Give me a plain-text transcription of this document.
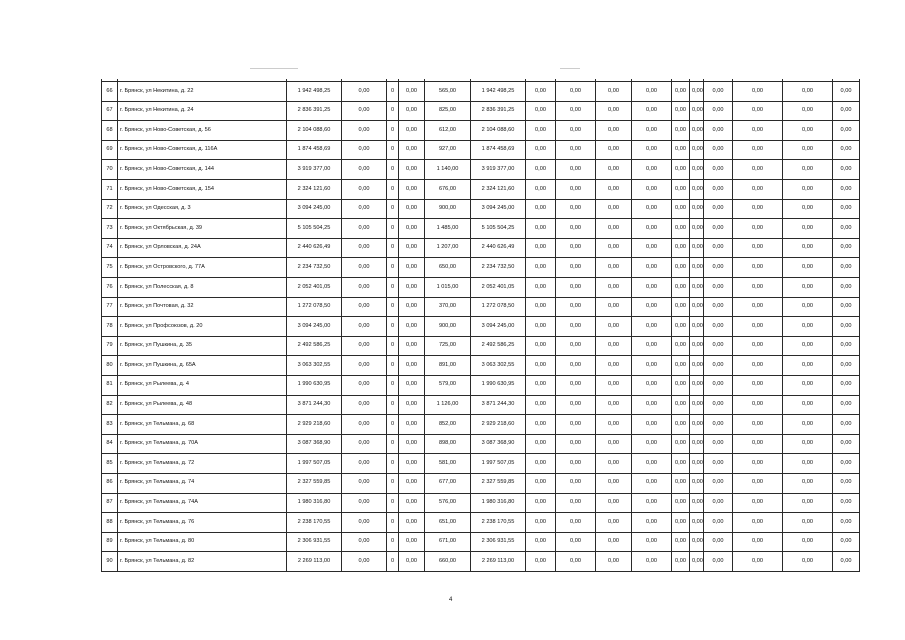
66	г. Брянск, ул Некитина, д. 22	1 942 498,25	0,00	0	0,00	565,00	1 942 498,25	0,00	0,00	0,00	0,00	0,00	0,00	0,00	0,00	0,00	0,00
67	г. Брянск, ул Некитина, д. 24	2 836 391,25	0,00	0	0,00	825,00	2 836 391,25	0,00	0,00	0,00	0,00	0,00	0,00	0,00	0,00	0,00	0,00
68	г. Брянск, ул Ново-Советская, д. 56	2 104 088,60	0,00	0	0,00	612,00	2 104 088,60	0,00	0,00	0,00	0,00	0,00	0,00	0,00	0,00	0,00	0,00
69	г. Брянск, ул Ново-Советская, д. 116А	1 874 458,69	0,00	0	0,00	927,00	1 874 458,69	0,00	0,00	0,00	0,00	0,00	0,00	0,00	0,00	0,00	0,00
70	г. Брянск, ул Ново-Советская, д. 144	3 919 377,00	0,00	0	0,00	1 140,00	3 919 377,00	0,00	0,00	0,00	0,00	0,00	0,00	0,00	0,00	0,00	0,00
71	г. Брянск, ул Ново-Советская, д. 154	2 324 121,60	0,00	0	0,00	676,00	2 324 121,60	0,00	0,00	0,00	0,00	0,00	0,00	0,00	0,00	0,00	0,00
72	г. Брянск, ул Одесская, д. 3	3 094 245,00	0,00	0	0,00	900,00	3 094 245,00	0,00	0,00	0,00	0,00	0,00	0,00	0,00	0,00	0,00	0,00
73	г. Брянск, ул Октябрьская, д. 39	5 105 504,25	0,00	0	0,00	1 485,00	5 105 504,25	0,00	0,00	0,00	0,00	0,00	0,00	0,00	0,00	0,00	0,00
74	г. Брянск, ул Орловская, д. 24А	2 440 626,49	0,00	0	0,00	1 207,00	2 440 626,49	0,00	0,00	0,00	0,00	0,00	0,00	0,00	0,00	0,00	0,00
75	г. Брянск, ул Островского, д. 77А	2 234 732,50	0,00	0	0,00	650,00	2 234 732,50	0,00	0,00	0,00	0,00	0,00	0,00	0,00	0,00	0,00	0,00
76	г. Брянск, ул Полесская, д. 8	2 052 401,05	0,00	0	0,00	1 015,00	2 052 401,05	0,00	0,00	0,00	0,00	0,00	0,00	0,00	0,00	0,00	0,00
77	г. Брянск, ул Почтовая, д. 32	1 272 078,50	0,00	0	0,00	370,00	1 272 078,50	0,00	0,00	0,00	0,00	0,00	0,00	0,00	0,00	0,00	0,00
78	г. Брянск, ул Профсоюзов, д. 20	3 094 245,00	0,00	0	0,00	900,00	3 094 245,00	0,00	0,00	0,00	0,00	0,00	0,00	0,00	0,00	0,00	0,00
79	г. Брянск, ул Пушкина, д. 35	2 492 586,25	0,00	0	0,00	725,00	2 492 586,25	0,00	0,00	0,00	0,00	0,00	0,00	0,00	0,00	0,00	0,00
80	г. Брянск, ул Пушкина, д. 65А	3 063 302,55	0,00	0	0,00	891,00	3 063 302,55	0,00	0,00	0,00	0,00	0,00	0,00	0,00	0,00	0,00	0,00
81	г. Брянск, ул Рылеева, д. 4	1 990 630,95	0,00	0	0,00	579,00	1 990 630,95	0,00	0,00	0,00	0,00	0,00	0,00	0,00	0,00	0,00	0,00
82	г. Брянск, ул Рылеева, д. 48	3 871 244,30	0,00	0	0,00	1 126,00	3 871 244,30	0,00	0,00	0,00	0,00	0,00	0,00	0,00	0,00	0,00	0,00
83	г. Брянск, ул Тельмана, д. 68	2 929 218,60	0,00	0	0,00	852,00	2 929 218,60	0,00	0,00	0,00	0,00	0,00	0,00	0,00	0,00	0,00	0,00
84	г. Брянск, ул Тельмана, д. 70А	3 087 368,90	0,00	0	0,00	898,00	3 087 368,90	0,00	0,00	0,00	0,00	0,00	0,00	0,00	0,00	0,00	0,00
85	г. Брянск, ул Тельмана, д. 72	1 997 507,05	0,00	0	0,00	581,00	1 997 507,05	0,00	0,00	0,00	0,00	0,00	0,00	0,00	0,00	0,00	0,00
86	г. Брянск, ул Тельмана, д. 74	2 327 559,85	0,00	0	0,00	677,00	2 327 559,85	0,00	0,00	0,00	0,00	0,00	0,00	0,00	0,00	0,00	0,00
87	г. Брянск, ул Тельмана, д. 74А	1 980 316,80	0,00	0	0,00	576,00	1 980 316,80	0,00	0,00	0,00	0,00	0,00	0,00	0,00	0,00	0,00	0,00
88	г. Брянск, ул Тельмана, д. 76	2 238 170,55	0,00	0	0,00	651,00	2 238 170,55	0,00	0,00	0,00	0,00	0,00	0,00	0,00	0,00	0,00	0,00
89	г. Брянск, ул Тельмана, д. 80	2 306 931,55	0,00	0	0,00	671,00	2 306 931,55	0,00	0,00	0,00	0,00	0,00	0,00	0,00	0,00	0,00	0,00
90	г. Брянск, ул Тельмана, д. 82	2 269 113,00	0,00	0	0,00	660,00	2 269 113,00	0,00	0,00	0,00	0,00	0,00	0,00	0,00	0,00	0,00	0,00
4
